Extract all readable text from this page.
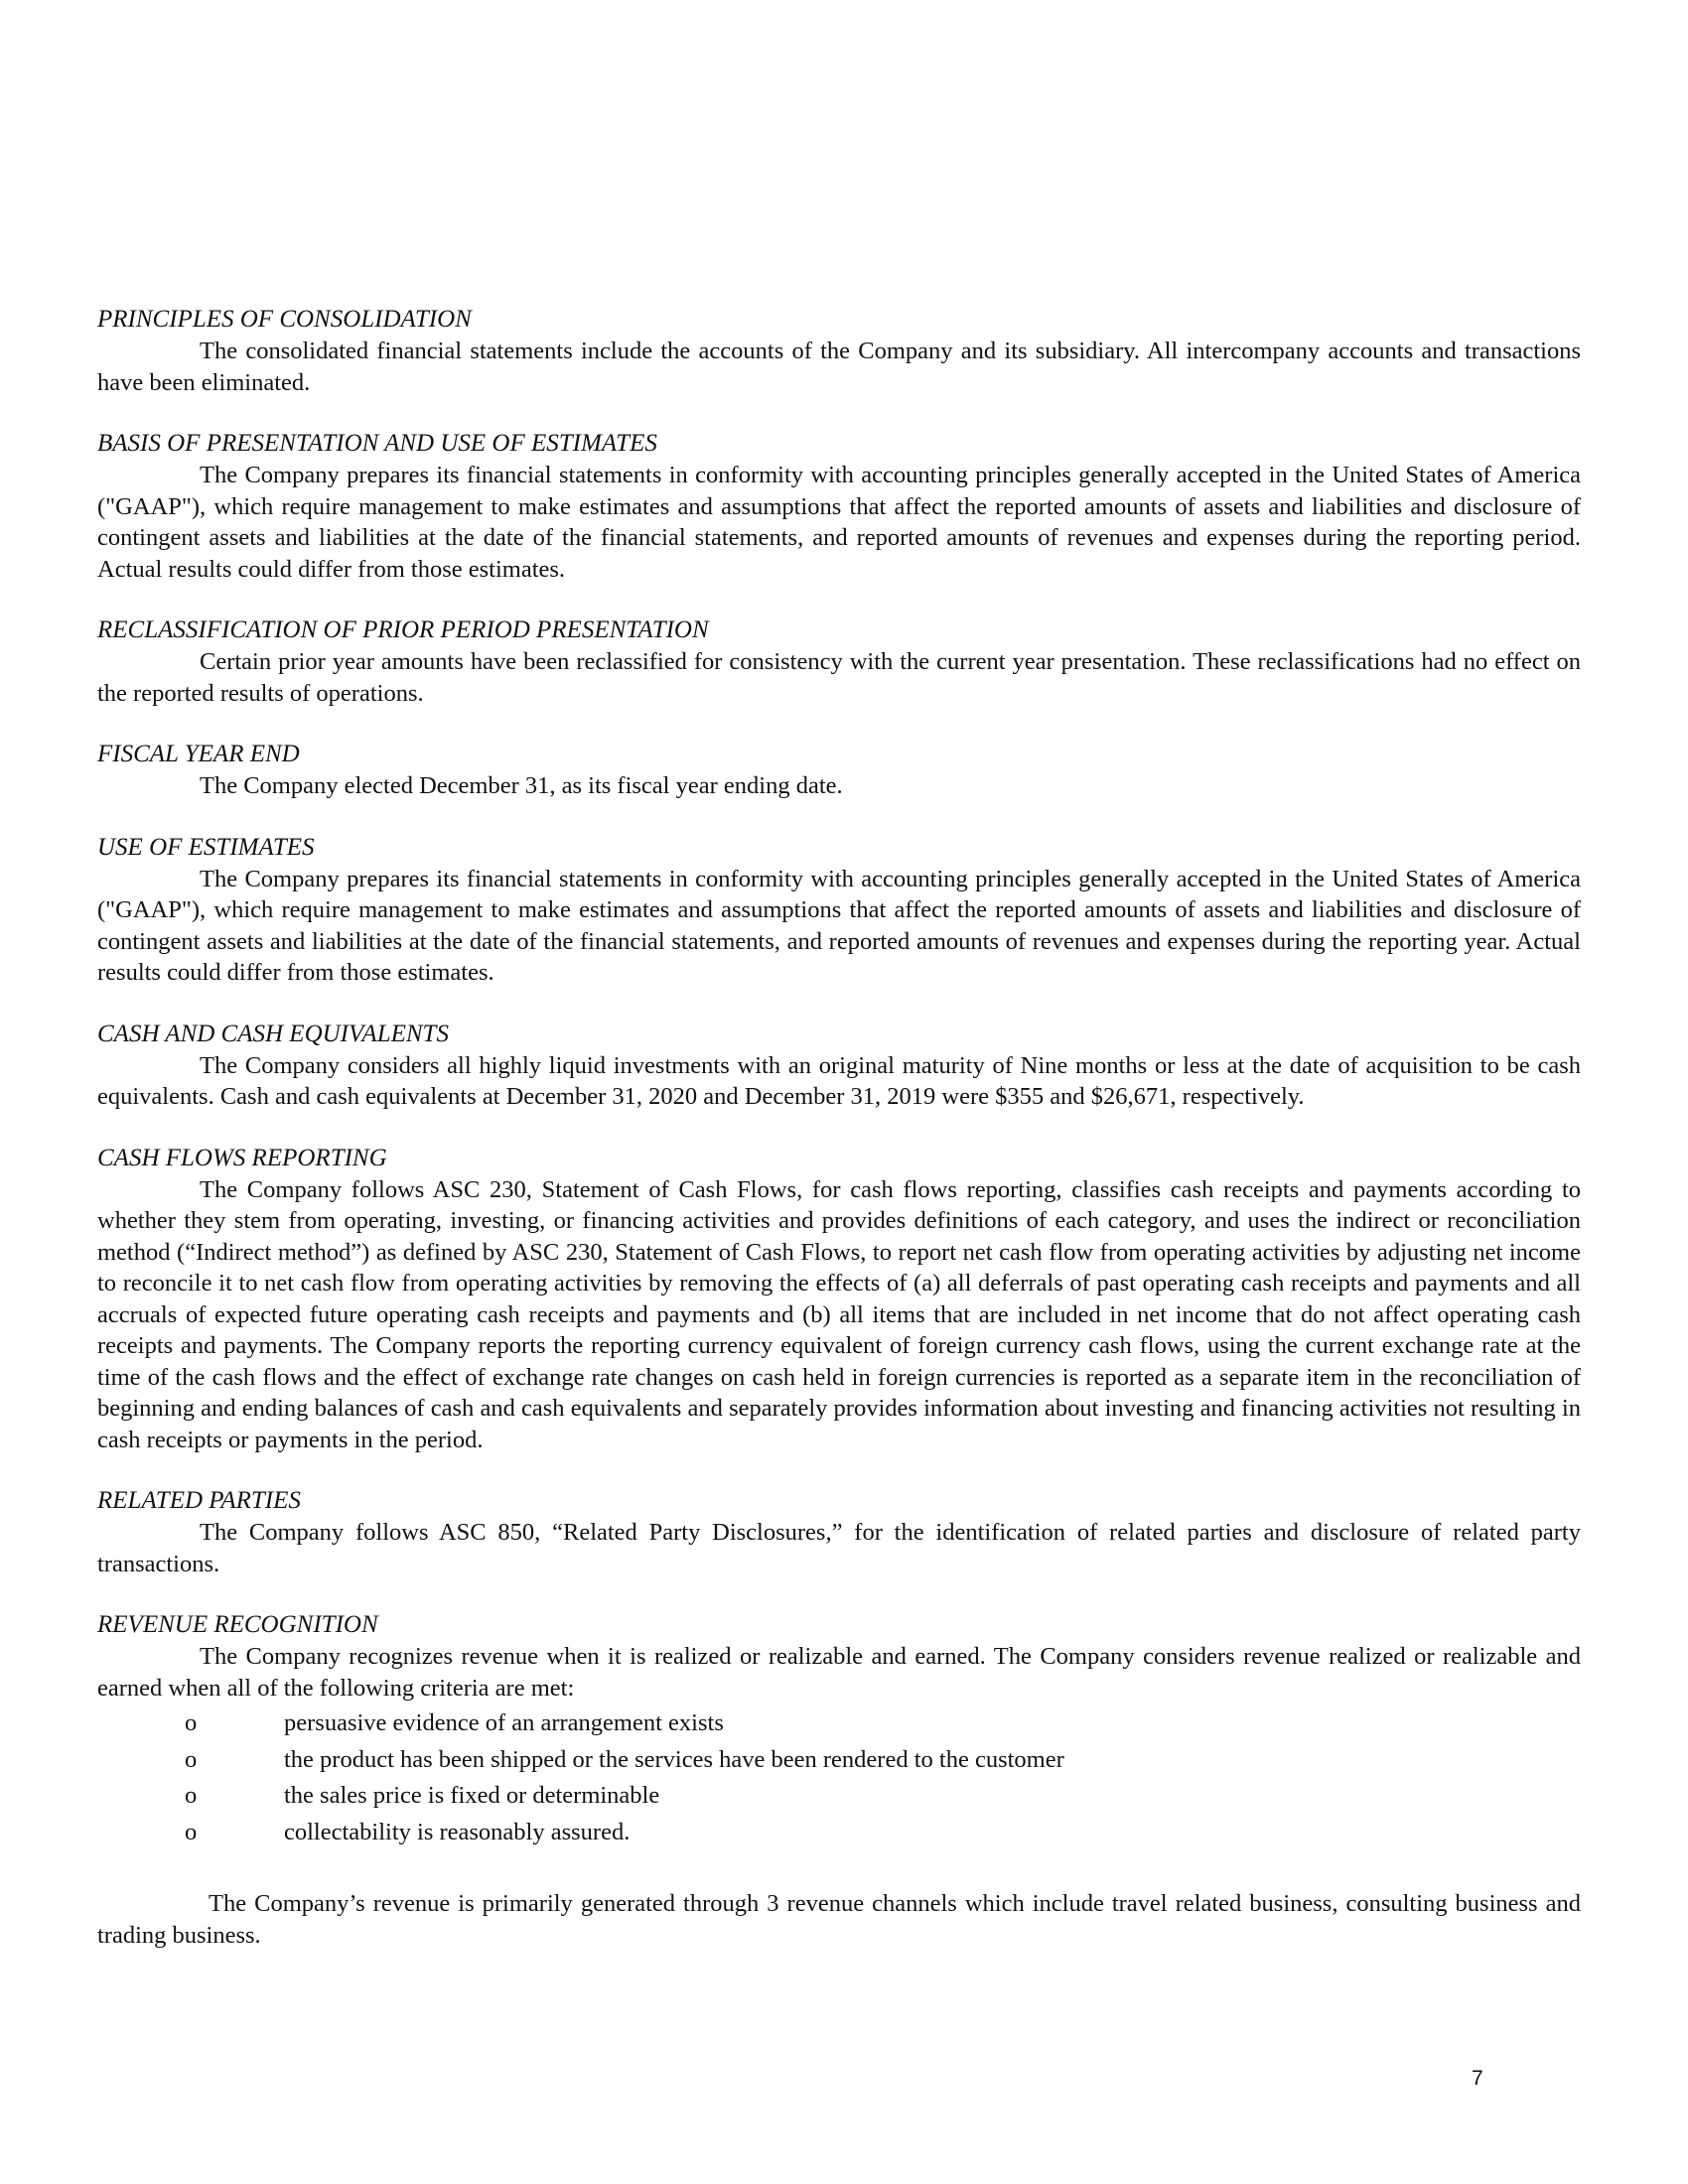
PRINCIPLES OF CONSOLIDATION

The consolidated financial statements include the accounts of the Company and its subsidiary. All intercompany accounts and transactions have been eliminated.

BASIS OF PRESENTATION AND USE OF ESTIMATES

The Company prepares its financial statements in conformity with accounting principles generally accepted in the United States of America ("GAAP"), which require management to make estimates and assumptions that affect the reported amounts of assets and liabilities and disclosure of contingent assets and liabilities at the date of the financial statements, and reported amounts of revenues and expenses during the reporting period. Actual results could differ from those estimates.

RECLASSIFICATION OF PRIOR PERIOD PRESENTATION

Certain prior year amounts have been reclassified for consistency with the current year presentation. These reclassifications had no effect on the reported results of operations.

FISCAL YEAR END

The Company elected December 31, as its fiscal year ending date.

USE OF ESTIMATES

The Company prepares its financial statements in conformity with accounting principles generally accepted in the United States of America ("GAAP"), which require management to make estimates and assumptions that affect the reported amounts of assets and liabilities and disclosure of contingent assets and liabilities at the date of the financial statements, and reported amounts of revenues and expenses during the reporting year. Actual results could differ from those estimates.

CASH AND CASH EQUIVALENTS

The Company considers all highly liquid investments with an original maturity of Nine months or less at the date of acquisition to be cash equivalents. Cash and cash equivalents at December 31, 2020 and December 31, 2019 were $355 and $26,671, respectively.

CASH FLOWS REPORTING

The Company follows ASC 230, Statement of Cash Flows, for cash flows reporting, classifies cash receipts and payments according to whether they stem from operating, investing, or financing activities and provides definitions of each category, and uses the indirect or reconciliation method (“Indirect method”) as defined by ASC 230, Statement of Cash Flows, to report net cash flow from operating activities by adjusting net income to reconcile it to net cash flow from operating activities by removing the effects of (a) all deferrals of past operating cash receipts and payments and all accruals of expected future operating cash receipts and payments and (b) all items that are included in net income that do not affect operating cash receipts and payments. The Company reports the reporting currency equivalent of foreign currency cash flows, using the current exchange rate at the time of the cash flows and the effect of exchange rate changes on cash held in foreign currencies is reported as a separate item in the reconciliation of beginning and ending balances of cash and cash equivalents and separately provides information about investing and financing activities not resulting in cash receipts or payments in the period.

RELATED PARTIES

The Company follows ASC 850, “Related Party Disclosures,” for the identification of related parties and disclosure of related party transactions.

REVENUE RECOGNITION

The Company recognizes revenue when it is realized or realizable and earned. The Company considers revenue realized or realizable and earned when all of the following criteria are met:

o	persuasive evidence of an arrangement exists
o	the product has been shipped or the services have been rendered to the customer
o	the sales price is fixed or determinable
o	collectability is reasonably assured.

The Company’s revenue is primarily generated through 3 revenue channels which include travel related business, consulting business and trading business.

7
